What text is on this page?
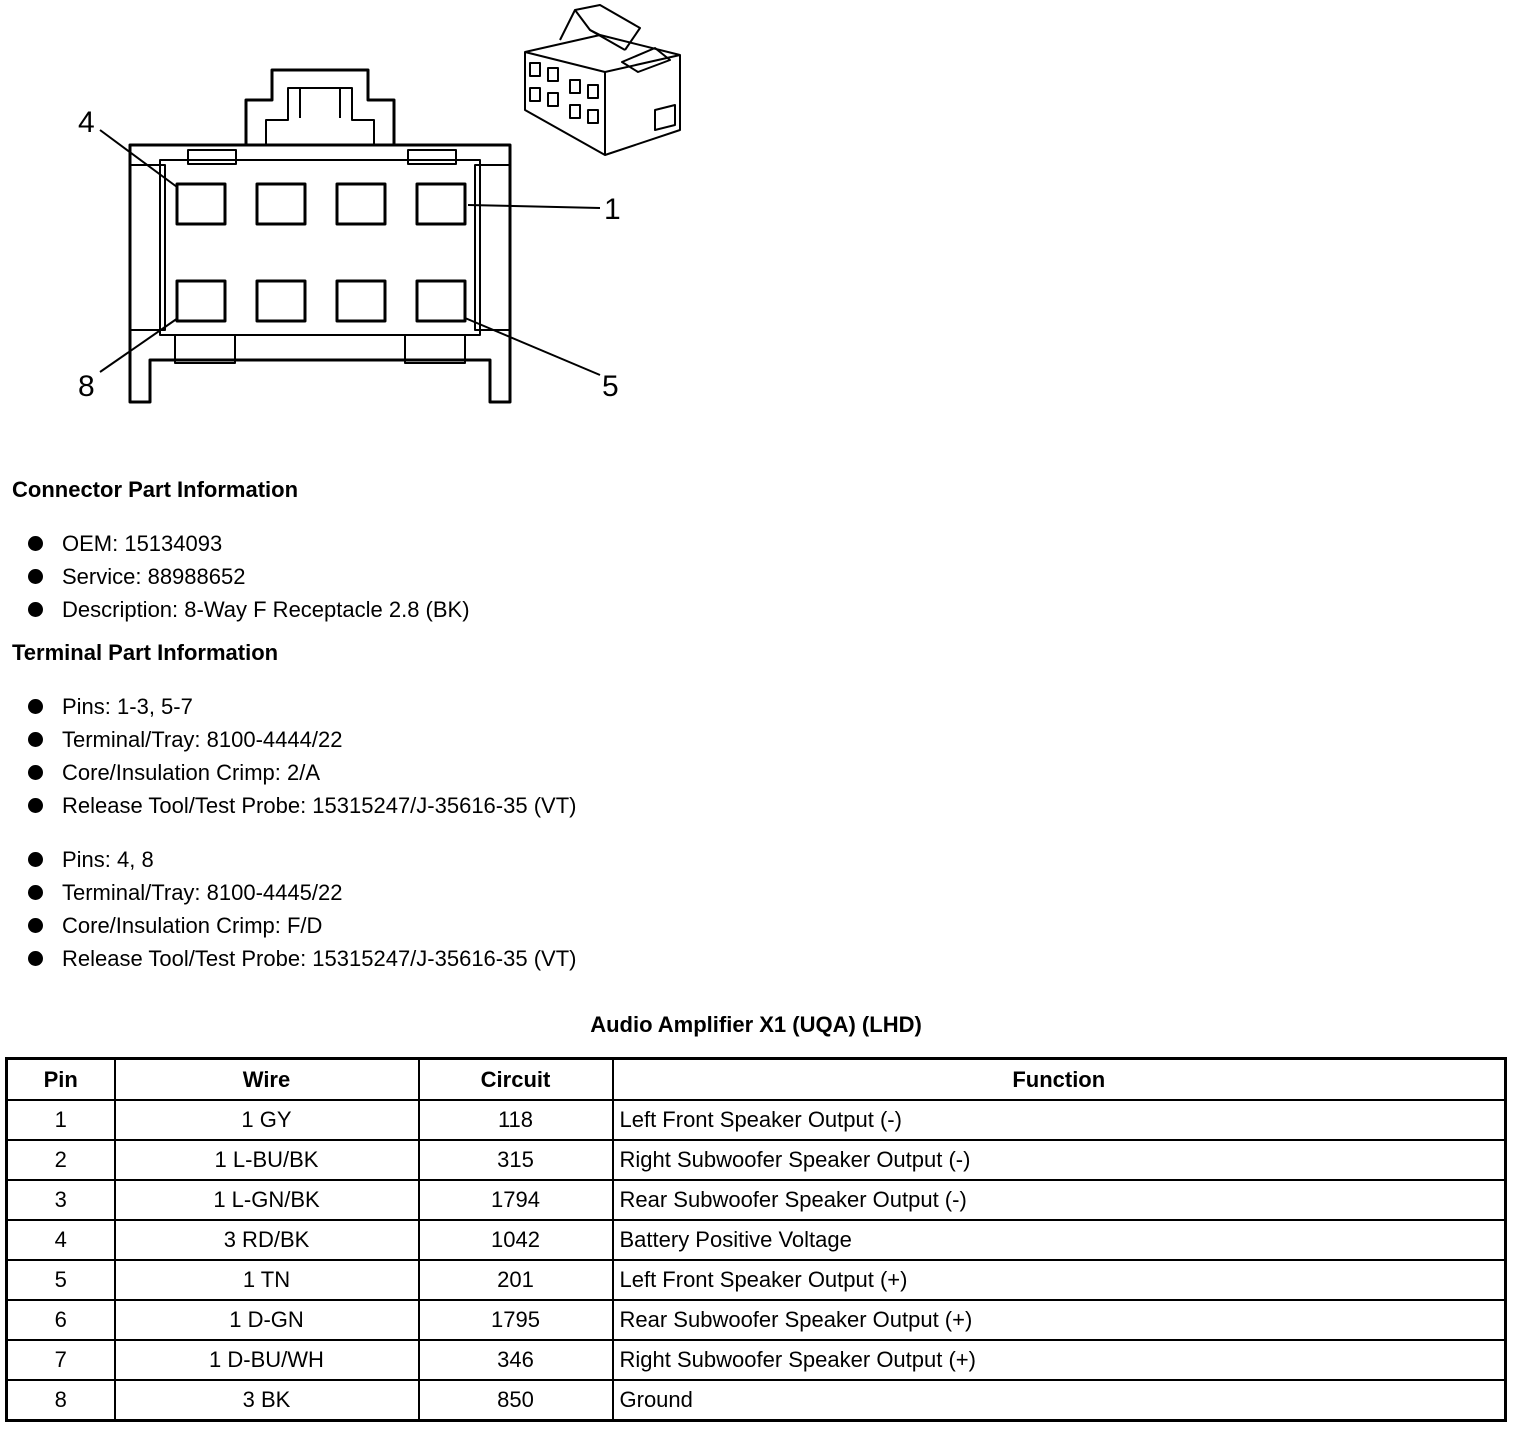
4
1
8	5
Connector Part Information
OEM: 15134093
Service: 88988652
Description: 8-Way F Receptacle 2.8 (BK)
Terminal Part Information
Pins: 1-3, 5-7
Terminal/Tray: 8100-4444/22
Core/Insulation Crimp: 2/A
Release Tool/Test Probe: 15315247/J-35616-35 (VT)
Pins: 4, 8
Terminal/Tray: 8100-4445/22
Core/Insulation Crimp: F/D
Release Tool/Test Probe: 15315247/J-35616-35 (VT)
Audio Amplifier X1 (UQA) (LHD)
Pin	Wire	Circuit	Function
1	1 GY	118	Left Front Speaker Output (-)
2	1 L-BU/BK	315	Right Subwoofer Speaker Output (-)
3	1 L-GN/BK	1794	Rear Subwoofer Speaker Output (-)
4	3 RD/BK	1042	Battery Positive Voltage
5	1 TN	201	Left Front Speaker Output (+)
6	1 D-GN	1795	Rear Subwoofer Speaker Output (+)
7	1 D-BU/WH	346	Right Subwoofer Speaker Output (+)
8	3 BK	850	Ground
